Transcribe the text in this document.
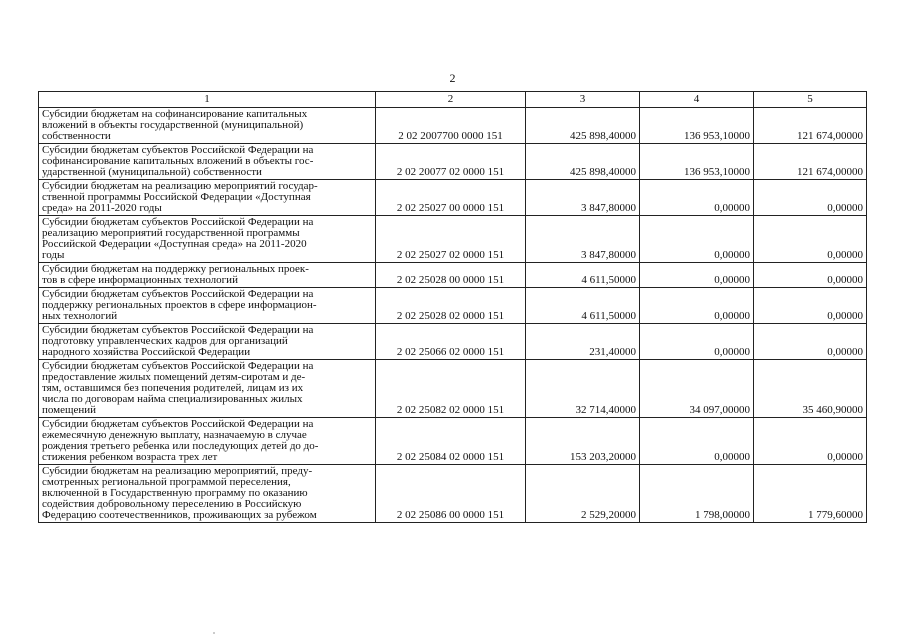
2
1	2	3	4	5
Субсидии бюджетам на софинансирование капитальных
вложений в объекты государственной (муниципальной)
собственности	2 02 2007700 0000 151	425 898,40000	136 953,10000	121 674,00000
Субсидии бюджетам субъектов Российской Федерации на
софинансирование капитальных вложений в объекты гос-
ударственной (муниципальной) собственности	2 02 20077 02 0000 151	425 898,40000	136 953,10000	121 674,00000
Субсидии бюджетам на реализацию мероприятий государ-
ственной программы Российской Федерации «Доступная
среда» на 2011-2020 годы	2 02 25027 00 0000 151	3 847,80000	0,00000	0,00000
Субсидии бюджетам субъектов Российской Федерации на
реализацию мероприятий государственной программы
Российской Федерации «Доступная среда» на 2011-2020
годы	2 02 25027 02 0000 151	3 847,80000	0,00000	0,00000
Субсидии бюджетам на поддержку региональных проек-
тов в сфере информационных технологий	2 02 25028 00 0000 151	4 611,50000	0,00000	0,00000
Субсидии бюджетам субъектов Российской Федерации на
поддержку региональных проектов в сфере информацион-
ных технологий	2 02 25028 02 0000 151	4 611,50000	0,00000	0,00000
Субсидии бюджетам субъектов Российской Федерации на
подготовку управленческих кадров для организаций
народного хозяйства Российской Федерации	2 02 25066 02 0000 151	231,40000	0,00000	0,00000
Субсидии бюджетам субъектов Российской Федерации на
предоставление жилых помещений детям-сиротам и де-
тям, оставшимся без попечения родителей, лицам из их
числа по договорам найма специализированных жилых
помещений	2 02 25082 02 0000 151	32 714,40000	34 097,00000	35 460,90000
Субсидии бюджетам субъектов Российской Федерации на
ежемесячную денежную выплату, назначаемую в случае
рождения третьего ребенка или последующих детей до до-
стижения ребенком возраста трех лет	2 02 25084 02 0000 151	153 203,20000	0,00000	0,00000
Субсидии бюджетам на реализацию мероприятий, преду-
смотренных региональной программой переселения,
включенной в Государственную программу по оказанию
содействия добровольному переселению в Российскую
Федерацию соотечественников, проживающих за рубежом	2 02 25086 00 0000 151	2 529,20000	1 798,00000	1 779,60000
